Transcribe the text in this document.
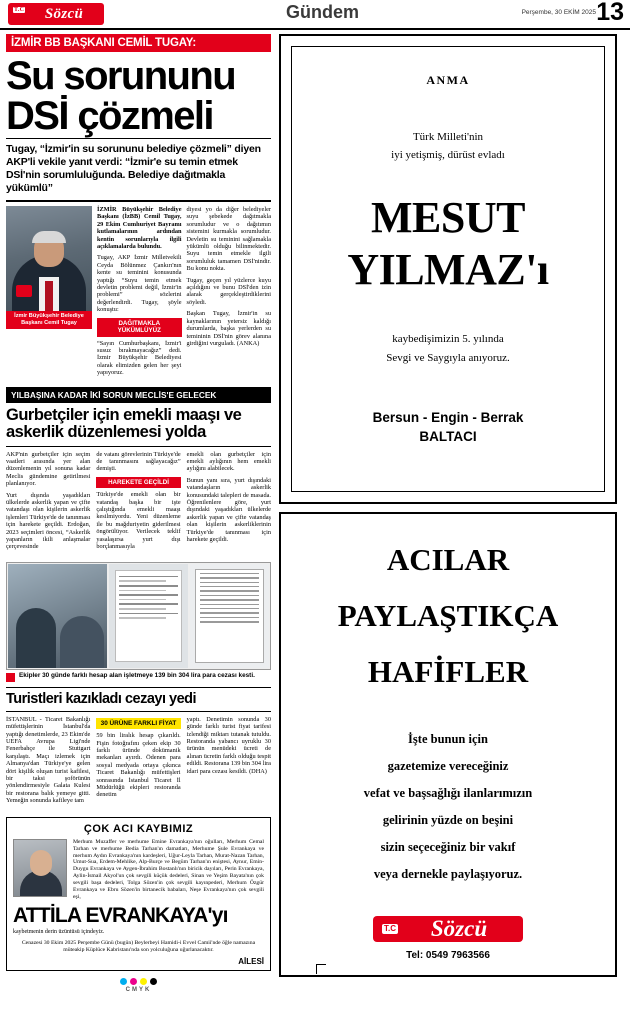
T.C	Sözcü	Gündem	Perşembe, 30 EKİM 2025 13
İZMİR BB BAŞKANI CEMİL TUGAY:
Su sorununu
DSİ çözmeli
Tugay, “İzmir'in su sorununu belediye çözmeli” diyen AKP'li vekile yanıt verdi: “İzmir'e su temin etmek DSİ'nin sorumluluğunda. Belediye dağıtmakla yükümlü”
İzmir Büyükşehir Belediye Başkanı Cemil Tugay

İZMİR Büyükşehir Belediye Başkanı (İzBB) Cemil Tugay, 29 Ekim Cumhuriyet Bayramı kutlamalarının ardından kentin sorunlarıyla ilgili açıklamalarda bulundu.

Tugay, AKP İzmir Milletvekili Ceyda Bölünmez Çankırı'nın kente su teminini konusunda yaptığı “Suyu temin etmek devletin problemi değil, İzmir'in problemi” sözlerini değerlendirdi. Tugay, şöyle konuştu:

DAĞITMAKLA YÜKÜMLÜYÜZ

“Sayın Cumhurbaşkanı, İzmir'i susuz bırakmayacağız” dedi. İzmir Büyükşehir Belediyesi olarak elimizden gelen her şeyi yapıyoruz.

diyesi yo da diğer belediyeler suyu şebekede dağıtmakla sorumludur ve o dağıtımın sistemini kurmakla sorumludur. Devletin su teminini sağlamakla yükümlü olduğu bilinmektedir. Suyu temin etmekle ilgili sorumluluk tamamen DSİ'nindir. Bu konu nokta.

Tugay, geçen yıl yüzlerce kuyu açıldığını ve bunu DSİ'den izin alarak gerçekleştirdiklerini söyledi.

Başkan Tugay, İzmir'in su kaynaklarının yetersiz kaldığı durumlarda, başka yerlerden su temininin DSİ'nin görev alanına girdiğini vurguladı. (ANKA)

YILBAŞINA KADAR İKİ SORUN MECLİS'E GELECEK
Gurbetçiler için emekli maaşı ve askerlik düzenlemesi yolda

AKP'nin gurbetçiler için seçim vaatleri arasında yer alan düzenlemenin yıl sonuna kadar Meclis gündemine getirilmesi planlanıyor.

Yurt dışında yaşadıkları ülkelerde askerlik yapan ve çifte vatandaşı olan kişilerin askerlik işlemleri Türkiye'de de tanınması için harekete geçildi. Erdoğan, 2023 seçimleri öncesi, “Askerlik yapanların ikili anlaşmalar çerçevesinde

de vatanı görevlerinin Türkiye'de de tanınmasını sağlayacağız” demişti.

HAREKETE GEÇİLDİ

Türkiye'de emekli olan bir vatandaş başka bir işte çalıştığında emekli maaşı kesilmiyordu. Yeni düzenleme ile bu mağduriyetin giderilmesi öngörülüyor. Verilecek teklif yasalaşırsa yurt dışı borçlanmasıyla

emekli olan gurbetçiler için emekli aylığının hem emekli aylığını alabilecek.

Bunun yanı sıra, yurt dışındaki vatandaşların askerlik konusundaki talepleri de masada. Öğrenilenlere göre, yurt dışındaki yaşadıkları ülkelerde askerlik yapan ve çifte vatandaş olan kişilerin askerliklerinin Türkiye'de tanınması için harekete geçildi.

Ekipler 30 günde farklı hesap alan işletmeye 139 bin 304 lira para cezası kesti.
Turistleri kazıkladı cezayı yedi

İSTANBUL - Ticaret Bakanlığı müfettişlerinin İstanbul'da yaptığı denetimlerde, 23 Ekim'de UEFA Avrupa Ligi'nde Fenerbahçe ile Stuttgart karşılaştı. Maçı izlemek için Almanya'dan Türkiye'ye gelen dört kişilik oluşan turist kafilesi, bir taksi şoförünün yönlendirmesiyle Galata Kulesi bir restorana balık yemeye gitti. Yemeğin sonunda kafileye tam

30 ÜRÜNE FARKLI FİYAT

59 bin liralık hesap çıkarıldı. Fişin fotoğrafını çeken ekip 30 farklı üründe dokümanik mekanları ayırdı. Ödenen para sosyal medyada ortaya çıkınca Ticaret Bakanlığı müfettişleri sonrasında İstanbul Ticaret İl Müdürlüğü ekipleri restoranda denetim

yaptı. Denetimin sonunda 30 günde farklı turist fiyat tarifesi izlendiği miktarı tutanak tutuldu. Restoranda yabancı uyruklu 30 ürünün menüdeki ücreti de alınan ücretin farklı olduğu tespit edildi. Restorana 139 bin 304 lira idari para cezası kesildi. (DHA)

ÇOK ACI KAYBIMIZ
Merhum Muzaffer ve merhume Emine Evrankaya'nın oğulları, Merhum Cemal Tarhan ve merhume Bedia Tarhan'ın damatları, Merhume Şule Evrankaya ve merhum Aydın Evrankaya'nın kardeşleri, Uğur-Leyla Tarhan, Murat-Nazan Tarhan, Umut-Suа, Erdem-Mehlike, Alp-Burçe ve Begüm Tarhan'ın eniştesi, Aynur, Emin-Duygu Evrankaya ve Aygen-İbrahim Bostanlı'nın biricik dayıları, Perin Evrankaya, Aylin-İsmail Akyol'un çok sevgili küçük dedeleri, Sinan ve Yeşim Bayata'nın çok sevgili başa dedeleri, Tolga Sözen'in çok sevgili kayınpederi, Merhum Özgür Evrankaya ve Ebru Sözen'in birtanecik babaları, Neşe Evrankaya'nın çok sevgili eşi,
ATTİLA EVRANKAYA'yı
kaybetmenin derin üzüntüsü içindeyiz.
Cenazesi 30 Ekim 2025 Perşembe Günü (bugün) Beylerbeyi Hamidi-i Evvel Camii'nde öğle namazına müteakip Küplüce Kabristanı'nda son yolculuğuna uğurlanacaktır.
AİLESİ
CMYK
ANMA
Türk Milleti'nin
iyi yetişmiş, dürüst evladı
MESUT
YILMAZ'ı
kaybedişimizin 5. yılında
Sevgi ve Saygıyla anıyoruz.
Bersun - Engin - Berrak
BALTACI
ACILAR
PAYLAŞTIKÇA
HAFİFLER
İşte bunun için
gazetemize vereceğiniz
vefat ve başsağlığı ilanlarımızın
gelirinin yüzde on beşini
sizin seçeceğiniz bir vakıf
veya dernekle paylaşıyoruz.
T.C	Sözcü
Tel: 0549 7963566
